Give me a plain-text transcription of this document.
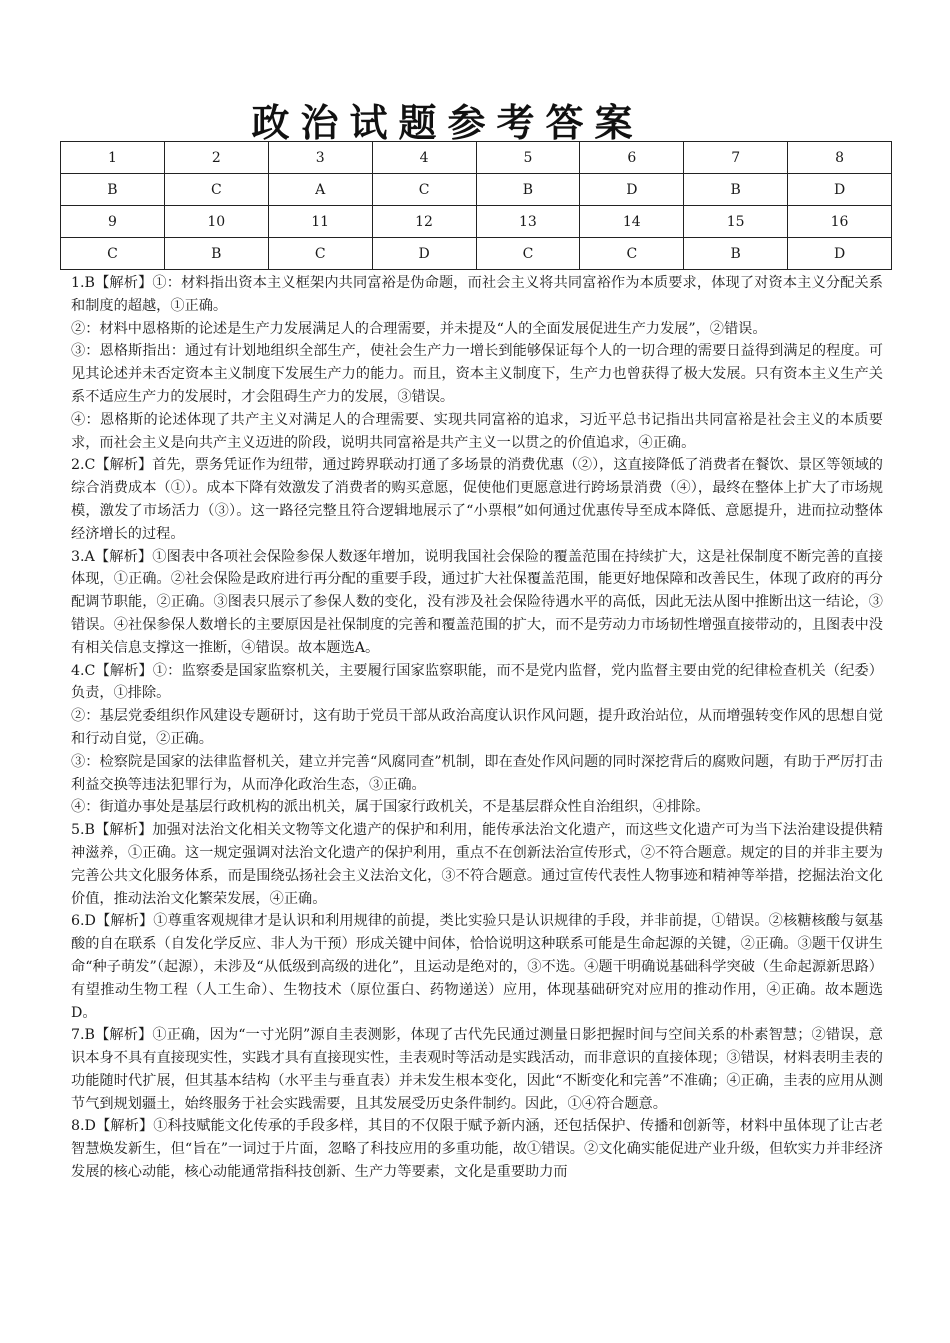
政治试题参考答案
1	2	3	4	5	6	7	8
B	C	A	C	B	D	B	D
9	10	11	12	13	14	15	16
C	B	C	D	C	C	B	D

1.B【解析】①：材料指出资本主义框架内共同富裕是伪命题，而社会主义将共同富裕作为本质要求，体现了对资本主义分配关系和制度的超越，①正确。

②：材料中恩格斯的论述是生产力发展满足人的合理需要，并未提及“人的全面发展促进生产力发展”，②错误。

③：恩格斯指出：通过有计划地组织全部生产，使社会生产力一增长到能够保证每个人的一切合理的需要日益得到满足的程度。可见其论述并未否定资本主义制度下发展生产力的能力。而且，资本主义制度下，生产力也曾获得了极大发展。只有资本主义生产关系不适应生产力的发展时，才会阻碍生产力的发展，③错误。

④：恩格斯的论述体现了共产主义对满足人的合理需要、实现共同富裕的追求，习近平总书记指出共同富裕是社会主义的本质要求，而社会主义是向共产主义迈进的阶段，说明共同富裕是共产主义一以贯之的价值追求，④正确。

2.C【解析】首先，票务凭证作为纽带，通过跨界联动打通了多场景的消费优惠（②），这直接降低了消费者在餐饮、景区等领域的综合消费成本（①）。成本下降有效激发了消费者的购买意愿，促使他们更愿意进行跨场景消费（④），最终在整体上扩大了市场规模，激发了市场活力（③）。这一路径完整且符合逻辑地展示了“小票根”如何通过优惠传导至成本降低、意愿提升，进而拉动整体经济增长的过程。

3.A【解析】①图表中各项社会保险参保人数逐年增加，说明我国社会保险的覆盖范围在持续扩大，这是社保制度不断完善的直接体现，①正确。②社会保险是政府进行再分配的重要手段，通过扩大社保覆盖范围，能更好地保障和改善民生，体现了政府的再分配调节职能，②正确。③图表只展示了参保人数的变化，没有涉及社会保险待遇水平的高低，因此无法从图中推断出这一结论，③错误。④社保参保人数增长的主要原因是社保制度的完善和覆盖范围的扩大，而不是劳动力市场韧性增强直接带动的，且图表中没有相关信息支撑这一推断，④错误。故本题选A。

4.C【解析】①：监察委是国家监察机关，主要履行国家监察职能，而不是党内监督，党内监督主要由党的纪律检查机关（纪委）负责，①排除。

②：基层党委组织作风建设专题研讨，这有助于党员干部从政治高度认识作风问题，提升政治站位，从而增强转变作风的思想自觉和行动自觉，②正确。

③：检察院是国家的法律监督机关，建立并完善“风腐同查”机制，即在查处作风问题的同时深挖背后的腐败问题，有助于严厉打击利益交换等违法犯罪行为，从而净化政治生态，③正确。

④：街道办事处是基层行政机构的派出机关，属于国家行政机关，不是基层群众性自治组织，④排除。

5.B【解析】加强对法治文化相关文物等文化遗产的保护和利用，能传承法治文化遗产，而这些文化遗产可为当下法治建设提供精神滋养，①正确。这一规定强调对法治文化遗产的保护利用，重点不在创新法治宣传形式，②不符合题意。规定的目的并非主要为完善公共文化服务体系，而是围绕弘扬社会主义法治文化，③不符合题意。通过宣传代表性人物事迹和精神等举措，挖掘法治文化价值，推动法治文化繁荣发展，④正确。

6.D【解析】①尊重客观规律才是认识和利用规律的前提，类比实验只是认识规律的手段，并非前提，①错误。②核糖核酸与氨基酸的自在联系（自发化学反应、非人为干预）形成关键中间体，恰恰说明这种联系可能是生命起源的关键，②正确。③题干仅讲生命“种子萌发”（起源），未涉及“从低级到高级的进化”，且运动是绝对的，③不选。④题干明确说基础科学突破（生命起源新思路）有望推动生物工程（人工生命）、生物技术（原位蛋白、药物递送）应用，体现基础研究对应用的推动作用，④正确。故本题选D。

7.B【解析】①正确，因为“一寸光阴”源自圭表测影，体现了古代先民通过测量日影把握时间与空间关系的朴素智慧；②错误，意识本身不具有直接现实性，实践才具有直接现实性，圭表观时等活动是实践活动，而非意识的直接体现；③错误，材料表明圭表的功能随时代扩展，但其基本结构（水平圭与垂直表）并未发生根本变化，因此“不断变化和完善”不准确；④正确，圭表的应用从测节气到规划疆土，始终服务于社会实践需要，且其发展受历史条件制约。因此，①④符合题意。

8.D【解析】①科技赋能文化传承的手段多样，其目的不仅限于赋予新内涵，还包括保护、传播和创新等，材料中虽体现了让古老智慧焕发新生，但“旨在”一词过于片面，忽略了科技应用的多重功能，故①错误。②文化确实能促进产业升级，但软实力并非经济发展的核心动能，核心动能通常指科技创新、生产力等要素，文化是重要助力而
